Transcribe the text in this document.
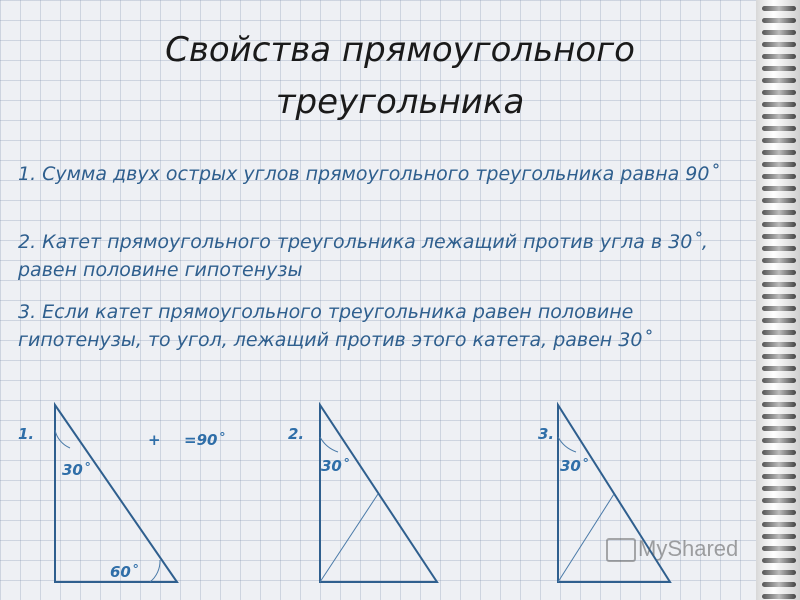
Свойства прямоугольного
треугольника
1. Сумма двух острых углов прямоугольного треугольника равна 90˚
2. Катет прямоугольного треугольника лежащий против угла в 30˚, равен половине гипотенузы
3. Если катет прямоугольного треугольника равен половине гипотенузы, то угол, лежащий против этого катета, равен 30˚
1.
30˚
60˚
+ =90˚	2.
30˚
3.
30˚
MyShared
